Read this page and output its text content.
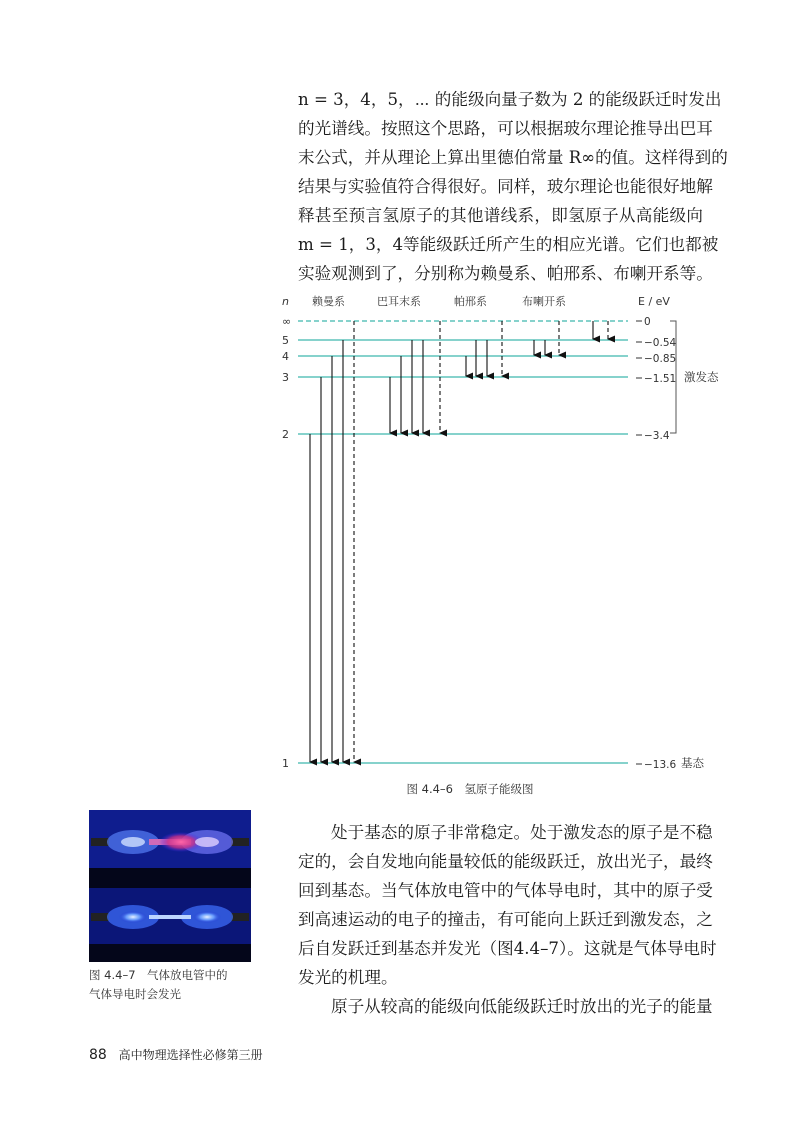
n = 3，4，5，⋯ 的能级向量子数为 2 的能级跃迁时发出
的光谱线。按照这个思路，可以根据玻尔理论推导出巴耳
末公式，并从理论上算出里德伯常量 R∞的值。这样得到的
结果与实验值符合得很好。同样，玻尔理论也能很好地解
释甚至预言氢原子的其他谱线系，即氢原子从高能级向
m = 1，3，4等能级跃迁所产生的相应光谱。它们也都被
实验观测到了，分别称为赖曼系、帕邢系、布喇开系等。
n 赖曼系	巴耳末系	帕邢系	布喇开系	E / eV
∞	0
5	−0.54
4	−0.85
3	−1.51
2	−3.4
1	−13.6 基态
激发态
图 4.4–6　氢原子能级图
图 4.4–7　气体放电管中的
气体导电时会发光
处于基态的原子非常稳定。处于激发态的原子是不稳
定的，会自发地向能量较低的能级跃迁，放出光子，最终
回到基态。当气体放电管中的气体导电时，其中的原子受
到高速运动的电子的撞击，有可能向上跃迁到激发态，之
后自发跃迁到基态并发光（图4.4–7）。这就是气体导电时
发光的机理。
原子从较高的能级向低能级跃迁时放出的光子的能量
88 高中物理选择性必修第三册
